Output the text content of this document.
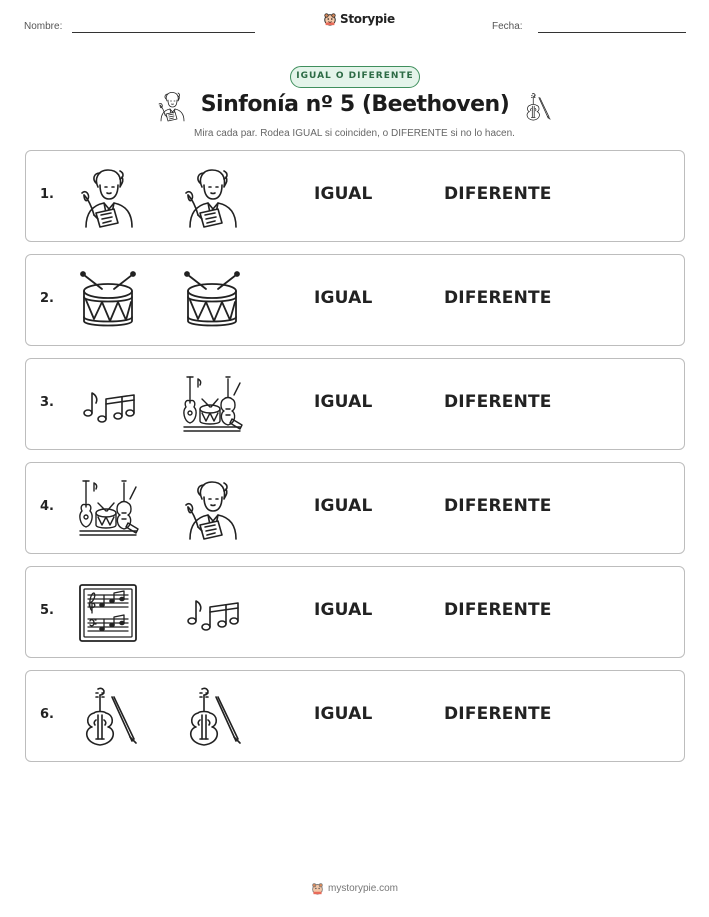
Nombre:
Storypie
Fecha:
IGUAL O DIFERENTE
Sinfonía nº 5 (Beethoven)
Mira cada par. Rodea IGUAL si coinciden, o DIFERENTE si no lo hacen.
1.	IGUAL	DIFERENTE
2.	IGUAL	DIFERENTE
3.	IGUAL	DIFERENTE
4.	IGUAL	DIFERENTE
5.	IGUAL	DIFERENTE
6.	IGUAL	DIFERENTE
mystorypie.com
